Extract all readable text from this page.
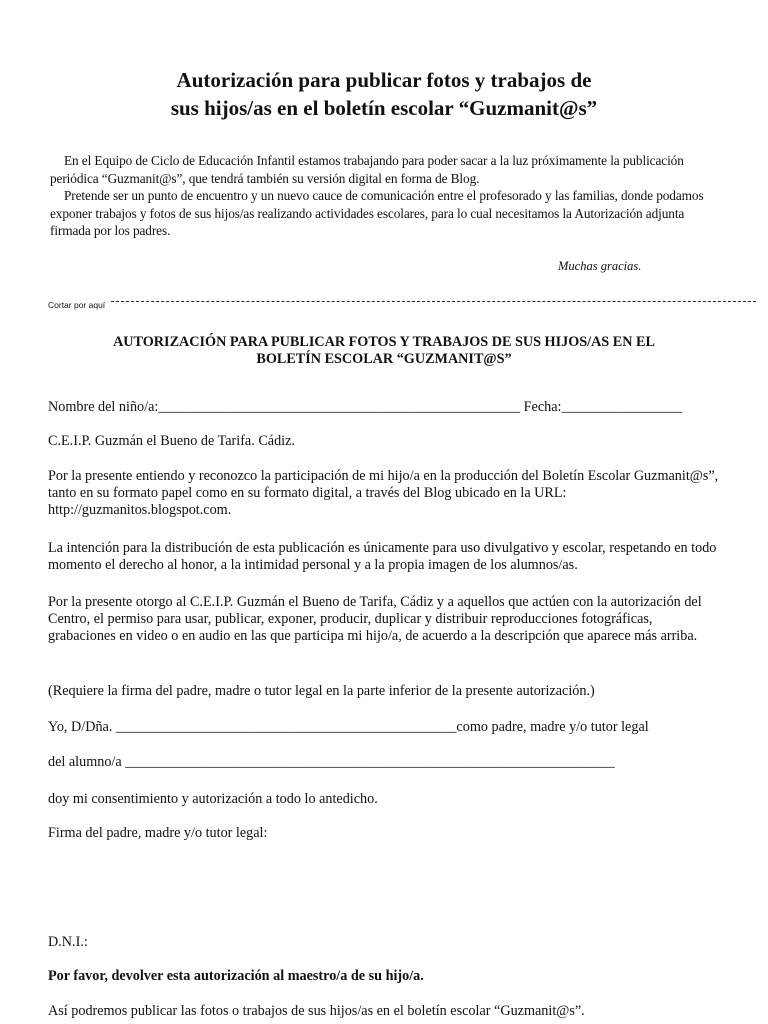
Autorización para publicar fotos y trabajos de
sus hijos/as en el boletín escolar “Guzmanit@s”

En el Equipo de Ciclo de Educación Infantil estamos trabajando para poder sacar a la luz próximamente la publicación periódica “Guzmanit@s”, que tendrá también su versión digital en forma de Blog.

Pretende ser un punto de encuentro y un nuevo cauce de comunicación entre el profesorado y las familias, donde podamos exponer trabajos y fotos de sus hijos/as realizando actividades escolares, para lo cual necesitamos la Autorización adjunta firmada por los padres.

Muchas gracias.
Cortar por aquí
AUTORIZACIÓN PARA PUBLICAR FOTOS Y TRABAJOS DE SUS HIJOS/AS EN EL
BOLETÍN ESCOLAR “GUZMANIT@S”
Nombre del niño/a:___________________________________________________ Fecha:_________________
C.E.I.P. Guzmán el Bueno de Tarifa. Cádiz.
Por la presente entiendo y reconozco la participación de mi hijo/a en la producción del Boletín Escolar Guzmanit@s”, tanto en su formato papel como en su formato digital, a través del Blog ubicado en la URL: http://guzmanitos.blogspot.com.
La intención para la distribución de esta publicación es únicamente para uso divulgativo y escolar, respetando en todo momento el derecho al honor, a la intimidad personal y a la propia imagen de los alumnos/as.
Por la presente otorgo al C.E.I.P. Guzmán el Bueno de Tarifa, Cádiz y a aquellos que actúen con la autorización del Centro, el permiso para usar, publicar, exponer, producir, duplicar y distribuir reproducciones fotográficas, grabaciones en video o en audio en las que participa mi hijo/a, de acuerdo a la descripción que aparece más arriba.
(Requiere la firma del padre, madre o tutor legal en la parte inferior de la presente autorización.)
Yo, D/Dña. ________________________________________________como padre, madre y/o tutor legal
del alumno/a _____________________________________________________________________
doy mi consentimiento y autorización a todo lo antedicho.
Firma del padre, madre y/o tutor legal:
D.N.I.:
Por favor, devolver esta autorización al maestro/a de su hijo/a.
Así podremos publicar las fotos o trabajos de sus hijos/as en el boletín escolar “Guzmanit@s”.
